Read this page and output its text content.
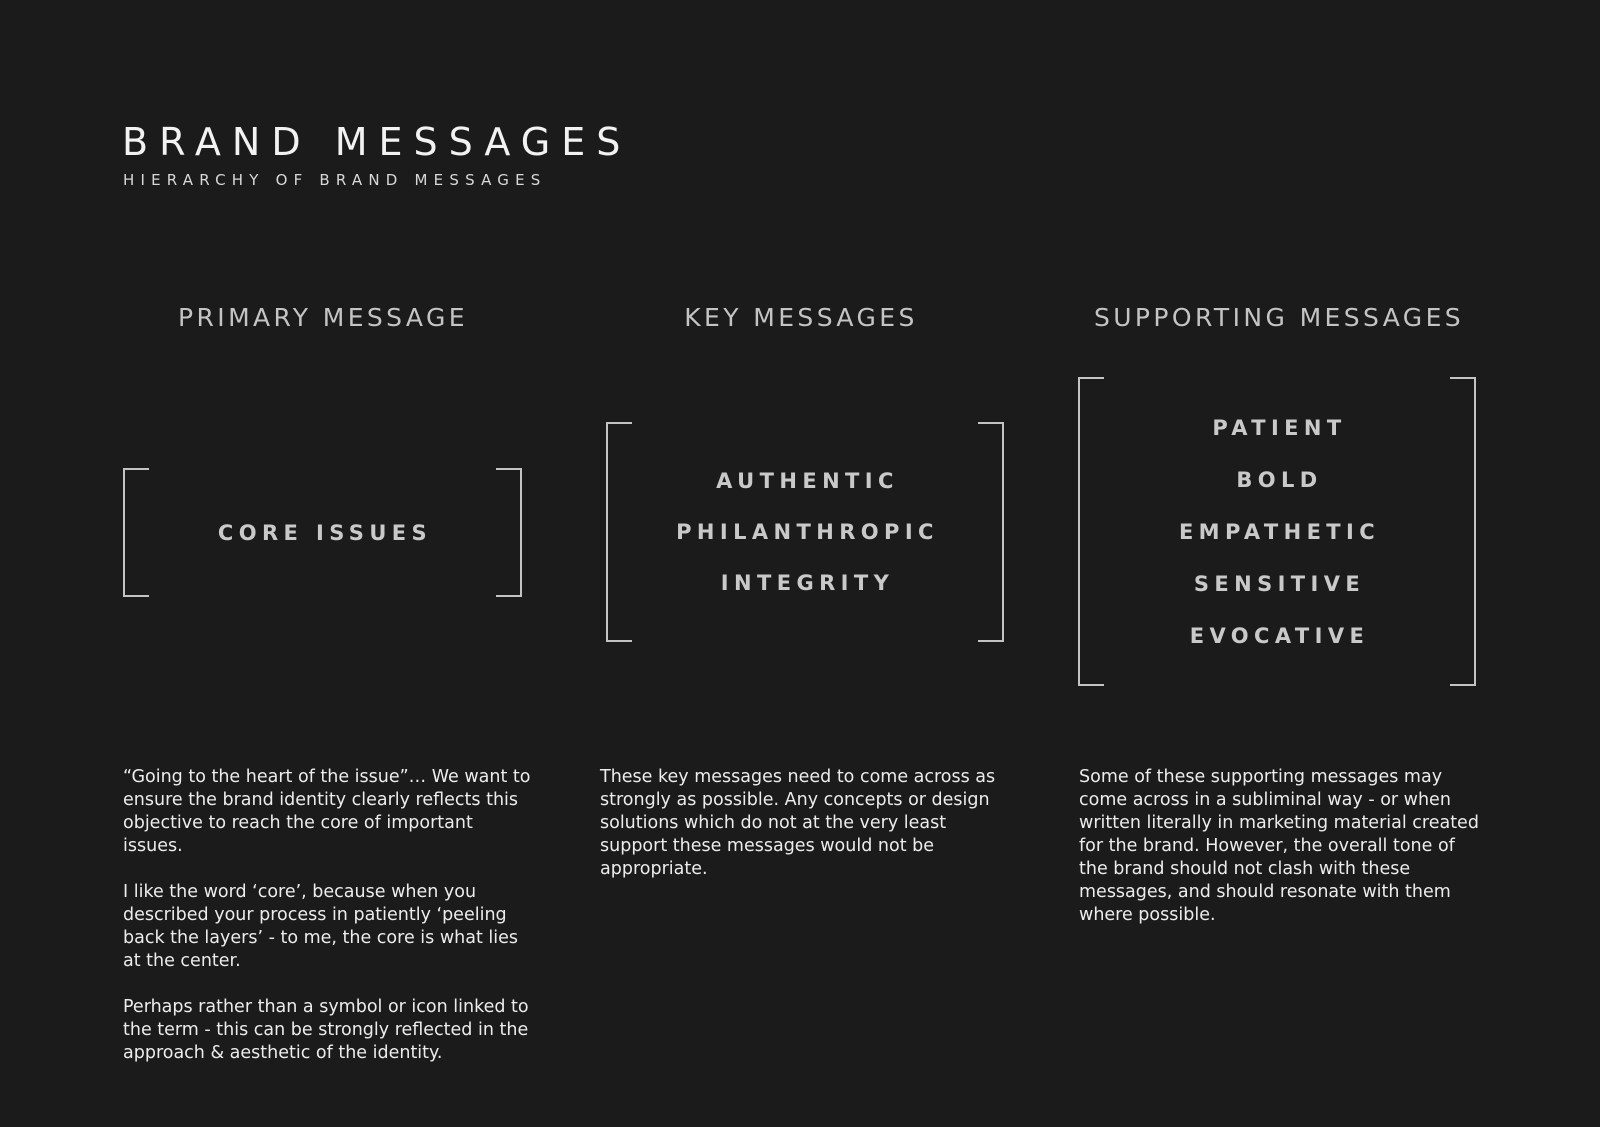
BRAND MESSAGES
HIERARCHY OF BRAND MESSAGES
PRIMARY MESSAGE
CORE ISSUES

“Going to the heart of the issue”… We want to ensure the brand identity clearly reflects this objective to reach the core of important issues.

I like the word ‘core’, because when you described your process in patiently ‘peeling back the layers’ - to me, the core is what lies at the center.

Perhaps rather than a symbol or icon linked to the term - this can be strongly reflected in the approach & aesthetic of the identity.

KEY MESSAGES
AUTHENTIC
PHILANTHROPIC
INTEGRITY

These key messages need to come across as strongly as possible. Any concepts or design solutions which do not at the very least support these messages would not be appropriate.

SUPPORTING MESSAGES
PATIENT
BOLD
EMPATHETIC
SENSITIVE
EVOCATIVE

Some of these supporting messages may come across in a subliminal way - or when written literally in marketing material created for the brand. However, the overall tone of the brand should not clash with these messages, and should resonate with them where possible.
